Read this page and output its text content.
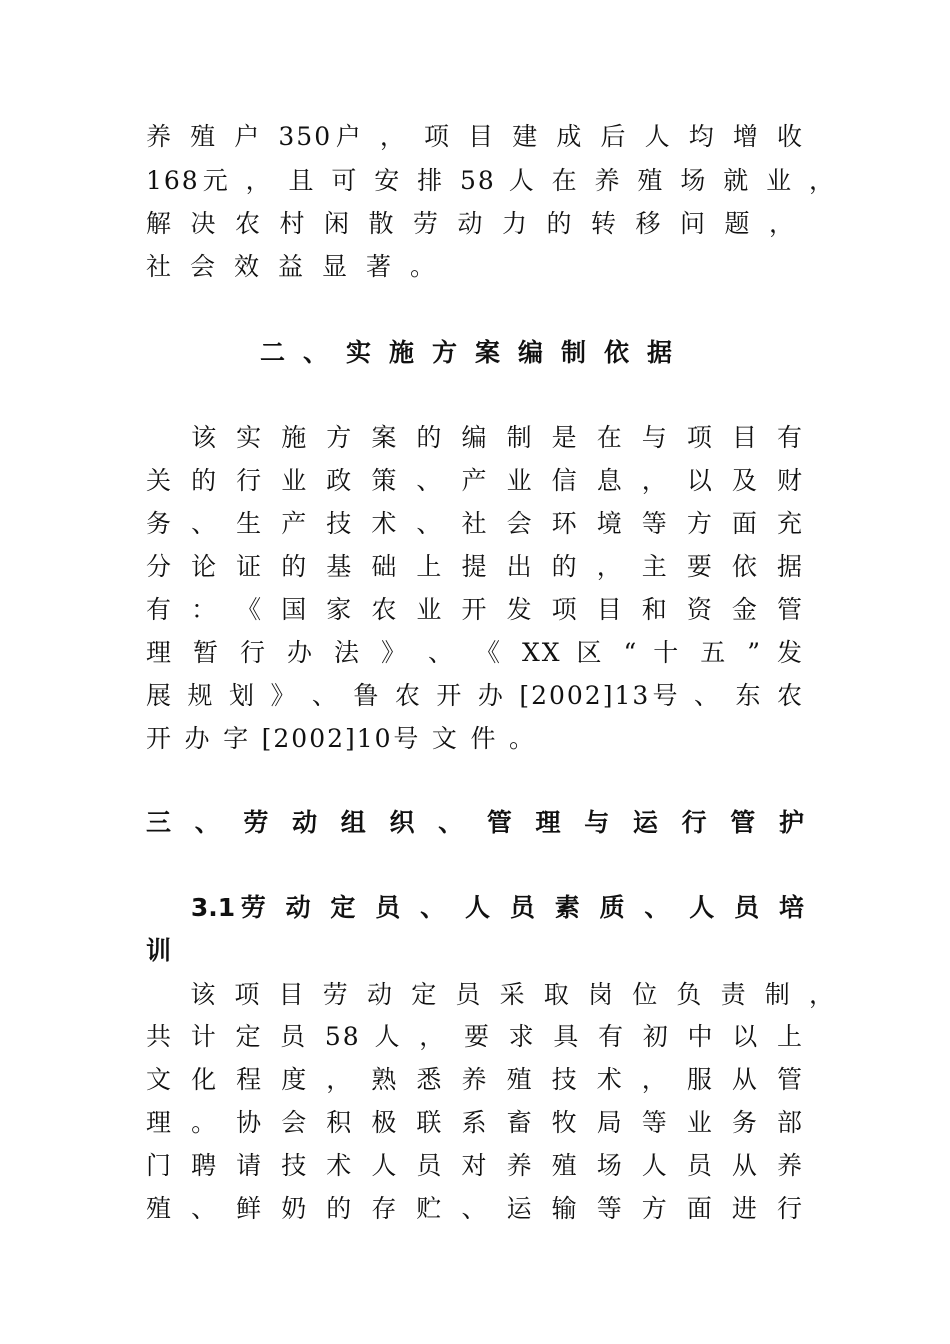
养 殖 户 350户 ， 项 目 建 成 后 人 均 增 收
168元 ， 且 可 安 排 58 人 在 养 殖 场 就 业 ，
解 决 农 村 闲 散 劳 动 力 的 转 移 问 题 ，
社会效益显著。
二、实施方案编制依据
　 该 实 施 方 案 的 编 制 是 在 与 项 目 有
关 的 行 业 政 策 、 产 业 信 息 ， 以 及 财
务 、 生 产 技 术 、 社 会 环 境 等 方 面 充
分 论 证 的 基 础 上 提 出 的 ， 主 要 依 据
有 ： 《 国 家 农 业 开 发 项 目 和 资 金 管
理 暂 行 办 法 》 、 《 XX 区 “ 十 五 ” 发
展 规 划 》 、 鲁 农 开 办 [2002]13号 、 东 农
开 办 字 [2002]10号 文 件 。
三 、 劳 动 组 织 、 管 理 与 运 行 管 护
　 3.1劳 动 定 员 、 人 员 素 质 、 人 员 培
训
　 该 项 目 劳 动 定 员 采 取 岗 位 负 责 制 ，
共 计 定 员 58 人 ， 要 求 具 有 初 中 以 上
文 化 程 度 ， 熟 悉 养 殖 技 术 ， 服 从 管
理 。 协 会 积 极 联 系 畜 牧 局 等 业 务 部
门 聘 请 技 术 人 员 对 养 殖 场 人 员 从 养
殖 、 鲜 奶 的 存 贮 、 运 输 等 方 面 进 行
